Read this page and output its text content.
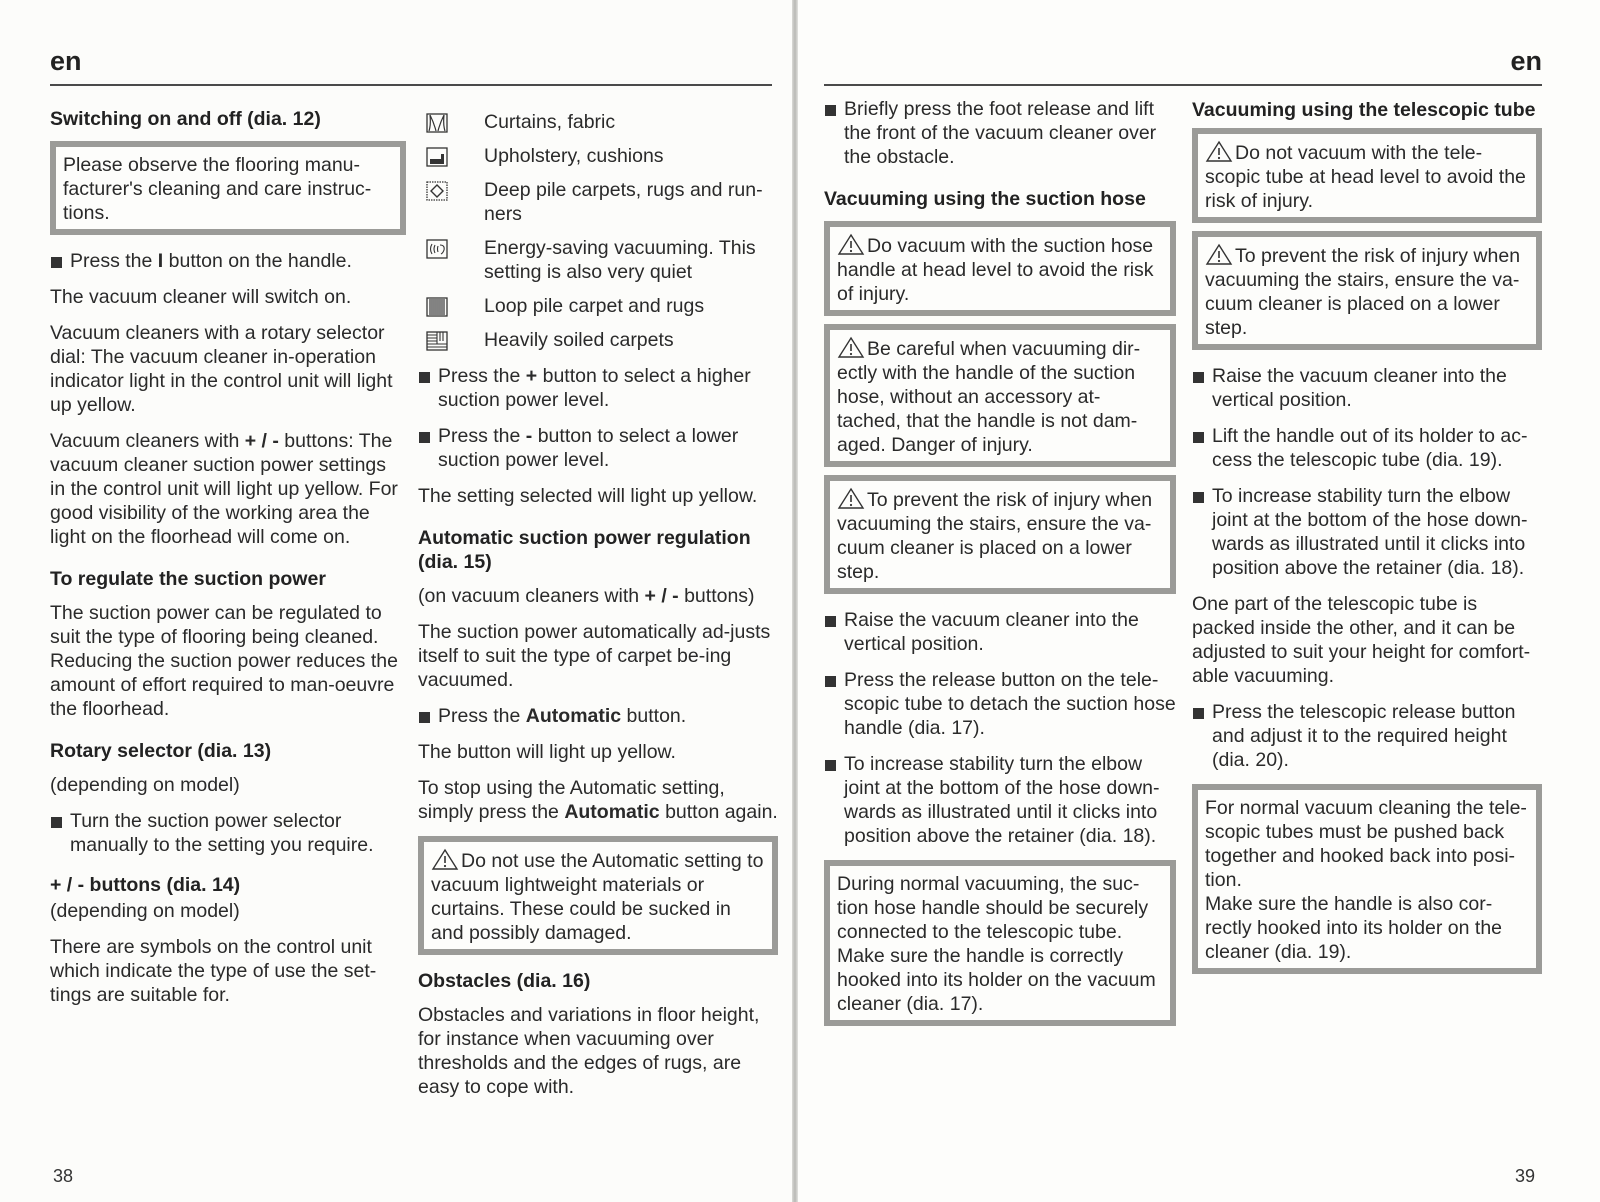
en
Switching on and off (dia. 12)
Please observe the flooring manu-facturer's cleaning and care instruc-tions.
Press the I button on the handle.
The vacuum cleaner will switch on.
Vacuum cleaners with a rotary selector dial: The vacuum cleaner in-operation indicator light in the control unit will light up yellow.
Vacuum cleaners with + / - buttons: The vacuum cleaner suction power settings in the control unit will light up yellow. For good visibility of the working area the light on the floorhead will come on.
To regulate the suction power
The suction power can be regulated to suit the type of flooring being cleaned. Reducing the suction power reduces the amount of effort required to man-oeuvre the floorhead.
Rotary selector (dia. 13)
(depending on model)
Turn the suction power selector manually to the setting you require.
+ / - buttons (dia. 14)
(depending on model)
There are symbols on the control unit which indicate the type of use the set-tings are suitable for.
Curtains, fabric
Upholstery, cushions
Deep pile carpets, rugs and run-ners
Energy-saving vacuuming. This setting is also very quiet
Loop pile carpet and rugs
Heavily soiled carpets
Press the + button to select a higher suction power level.
Press the - button to select a lower suction power level.
The setting selected will light up yellow.
Automatic suction power regulation (dia. 15)
(on vacuum cleaners with + / - buttons)
The suction power automatically ad-justs itself to suit the type of carpet be-ing vacuumed.
Press the Automatic button.
The button will light up yellow.
To stop using the Automatic setting, simply press the Automatic button again.
Do not use the Automatic setting to vacuum lightweight materials or curtains. These could be sucked in and possibly damaged.
Obstacles (dia. 16)
Obstacles and variations in floor height, for instance when vacuuming over thresholds and the edges of rugs, are easy to cope with.
38
en
Briefly press the foot release and lift the front of the vacuum cleaner over the obstacle.
Vacuuming using the suction hose
Do vacuum with the suction hose handle at head level to avoid the risk of injury.
Be careful when vacuuming dir-ectly with the handle of the suction hose, without an accessory at-tached, that the handle is not dam-aged. Danger of injury.
To prevent the risk of injury when vacuuming the stairs, ensure the va-cuum cleaner is placed on a lower step.
Raise the vacuum cleaner into the vertical position.
Press the release button on the tele-scopic tube to detach the suction hose handle (dia. 17).
To increase stability turn the elbow joint at the bottom of the hose down-wards as illustrated until it clicks into position above the retainer (dia. 18).
During normal vacuuming, the suc-tion hose handle should be securely connected to the telescopic tube. Make sure the handle is correctly hooked into its holder on the vacuum cleaner (dia. 17).
Vacuuming using the telescopic tube
Do not vacuum with the tele-scopic tube at head level to avoid the risk of injury.
To prevent the risk of injury when vacuuming the stairs, ensure the va-cuum cleaner is placed on a lower step.
Raise the vacuum cleaner into the vertical position.
Lift the handle out of its holder to ac-cess the telescopic tube (dia. 19).
To increase stability turn the elbow joint at the bottom of the hose down-wards as illustrated until it clicks into position above the retainer (dia. 18).
One part of the telescopic tube is packed inside the other, and it can be adjusted to suit your height for comfort-able vacuuming.
Press the telescopic release button and adjust it to the required height (dia. 20).
For normal vacuum cleaning the tele-scopic tubes must be pushed back together and hooked back into posi-tion.
Make sure the handle is also cor-rectly hooked into its holder on the cleaner (dia. 19).
39
